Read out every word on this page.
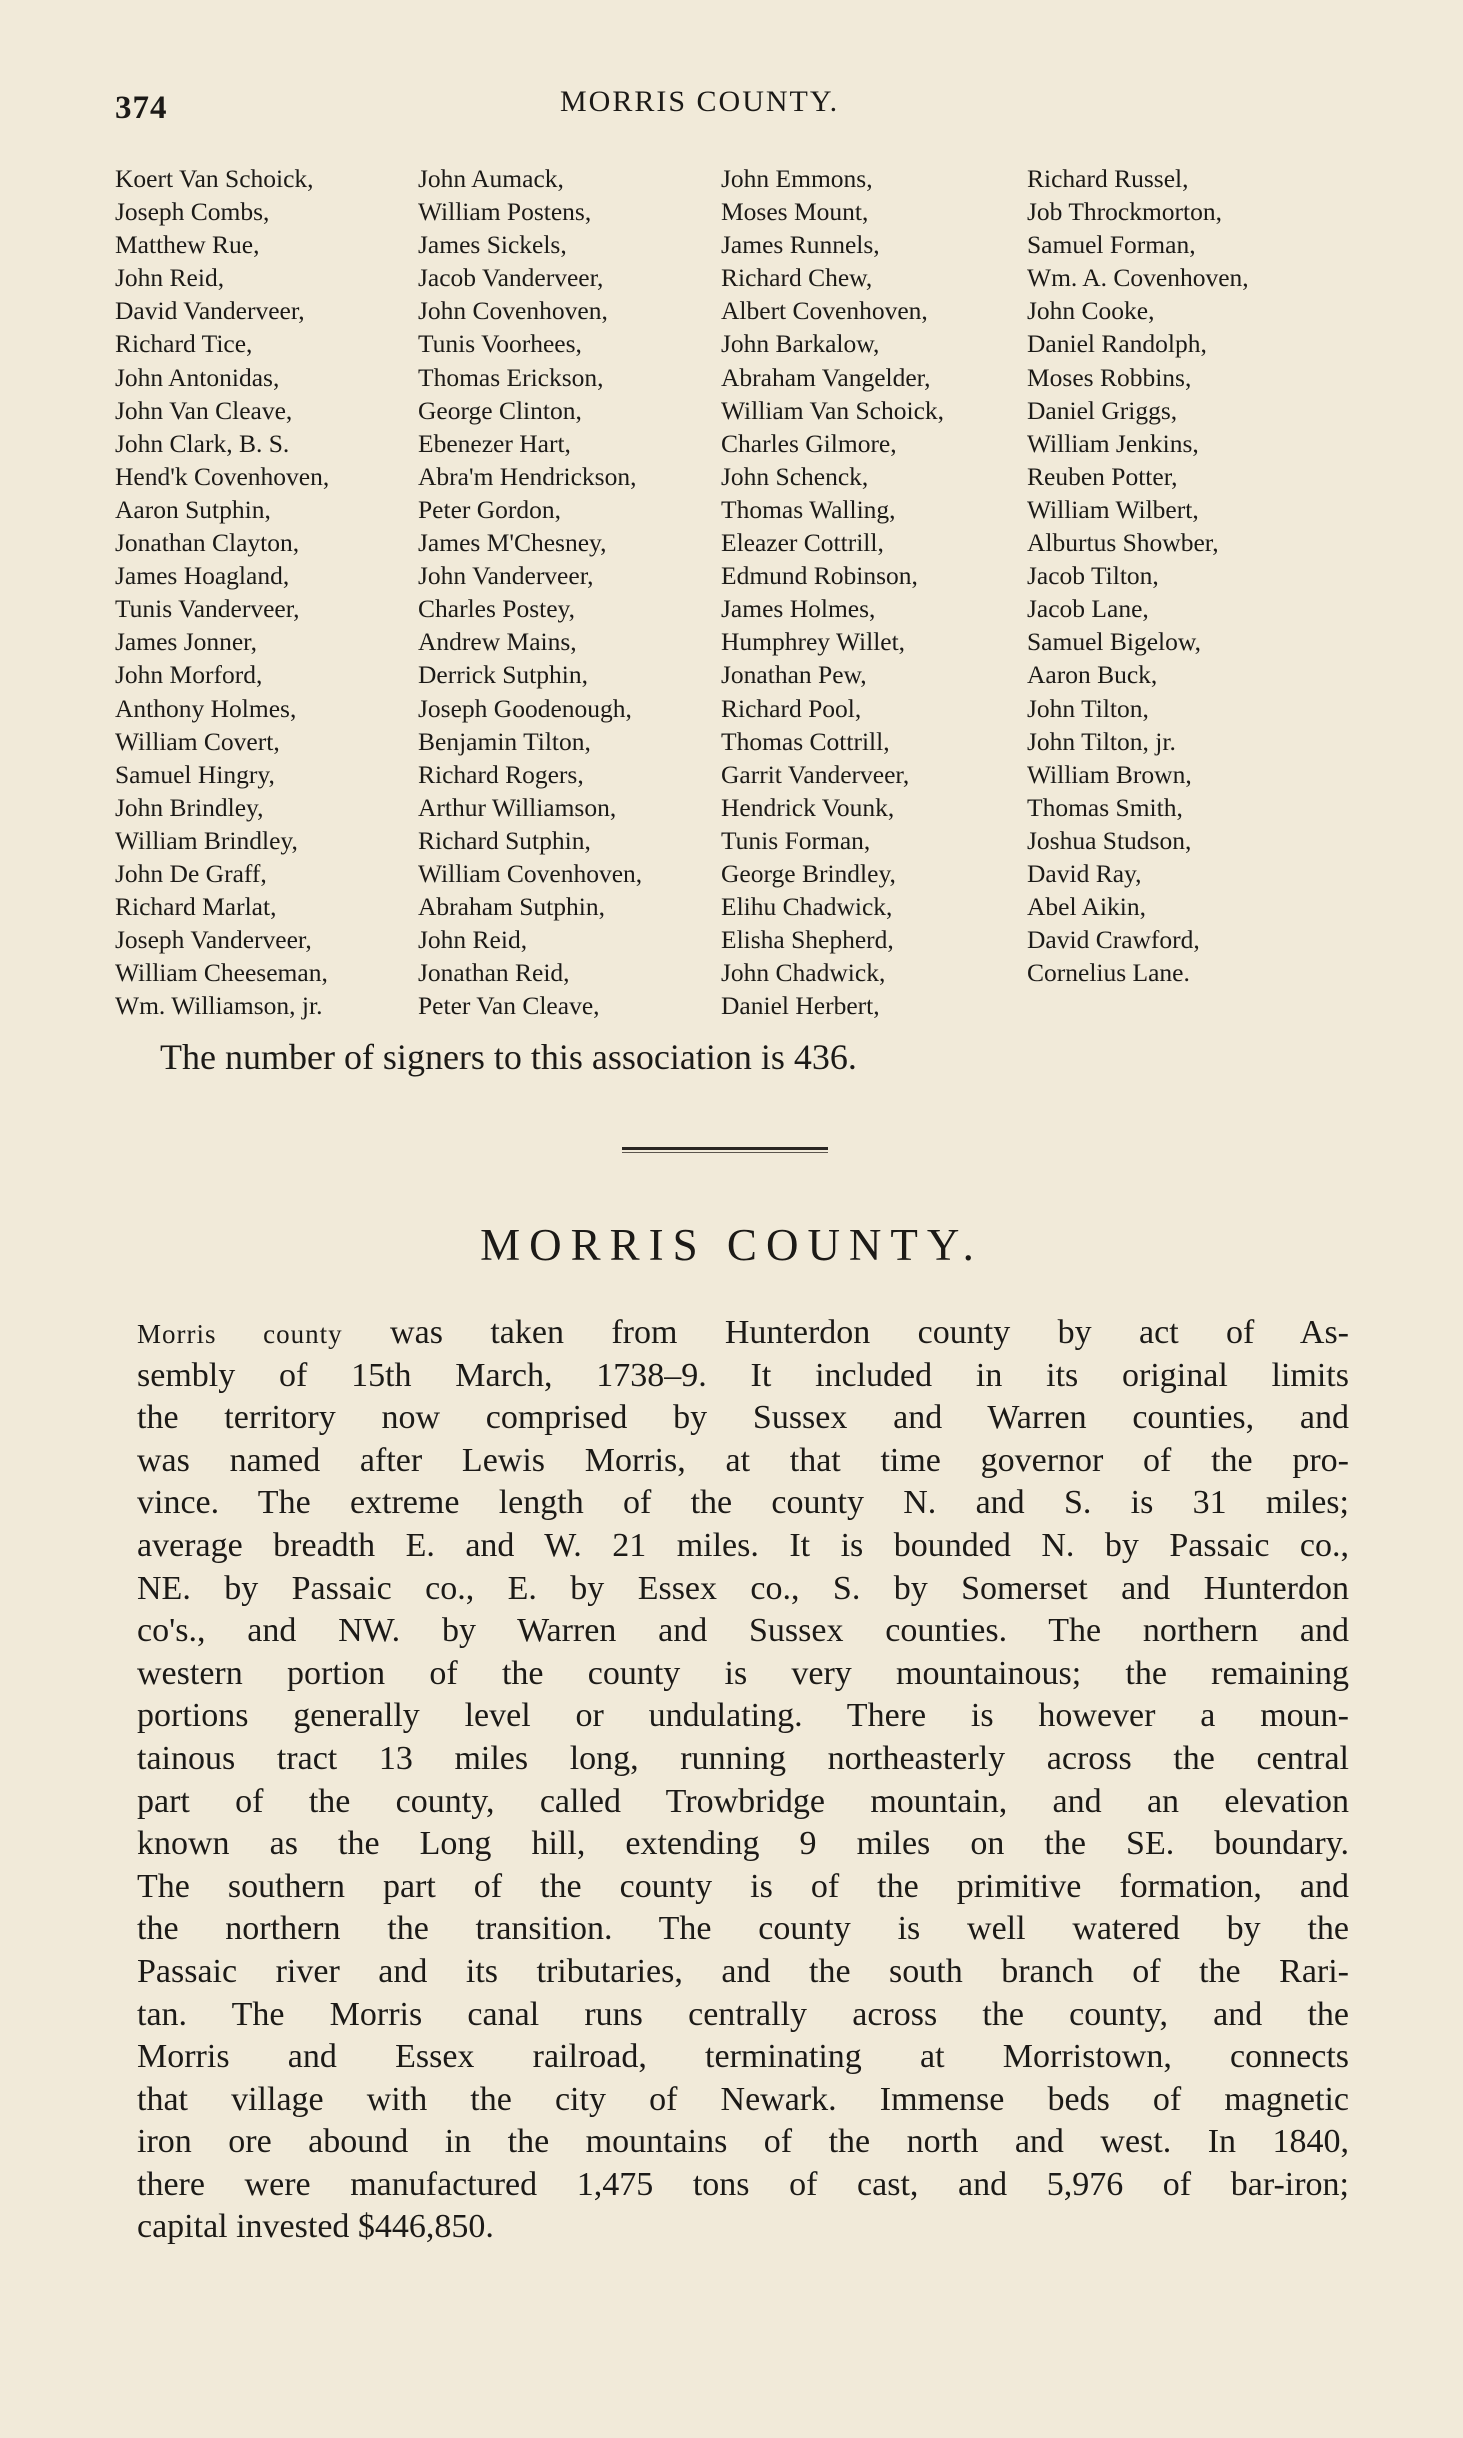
374	MORRIS COUNTY.
Koert Van Schoick,
Joseph Combs,
Matthew Rue,
John Reid,
David Vanderveer,
Richard Tice,
John Antonidas,
John Van Cleave,
John Clark, B. S.
Hend'k Covenhoven,
Aaron Sutphin,
Jonathan Clayton,
James Hoagland,
Tunis Vanderveer,
James Jonner,
John Morford,
Anthony Holmes,
William Covert,
Samuel Hingry,
John Brindley,
William Brindley,
John De Graff,
Richard Marlat,
Joseph Vanderveer,
William Cheeseman,
Wm. Williamson, jr.
John Aumack,
William Postens,
James Sickels,
Jacob Vanderveer,
John Covenhoven,
Tunis Voorhees,
Thomas Erickson,
George Clinton,
Ebenezer Hart,
Abra'm Hendrickson,
Peter Gordon,
James M'Chesney,
John Vanderveer,
Charles Postey,
Andrew Mains,
Derrick Sutphin,
Joseph Goodenough,
Benjamin Tilton,
Richard Rogers,
Arthur Williamson,
Richard Sutphin,
William Covenhoven,
Abraham Sutphin,
John Reid,
Jonathan Reid,
Peter Van Cleave,
John Emmons,
Moses Mount,
James Runnels,
Richard Chew,
Albert Covenhoven,
John Barkalow,
Abraham Vangelder,
William Van Schoick,
Charles Gilmore,
John Schenck,
Thomas Walling,
Eleazer Cottrill,
Edmund Robinson,
James Holmes,
Humphrey Willet,
Jonathan Pew,
Richard Pool,
Thomas Cottrill,
Garrit Vanderveer,
Hendrick Vounk,
Tunis Forman,
George Brindley,
Elihu Chadwick,
Elisha Shepherd,
John Chadwick,
Daniel Herbert,
Richard Russel,
Job Throckmorton,
Samuel Forman,
Wm. A. Covenhoven,
John Cooke,
Daniel Randolph,
Moses Robbins,
Daniel Griggs,
William Jenkins,
Reuben Potter,
William Wilbert,
Alburtus Showber,
Jacob Tilton,
Jacob Lane,
Samuel Bigelow,
Aaron Buck,
John Tilton,
John Tilton, jr.
William Brown,
Thomas Smith,
Joshua Studson,
David Ray,
Abel Aikin,
David Crawford,
Cornelius Lane.
The number of signers to this association is 436.
MORRIS COUNTY.
Morris county was taken from Hunterdon county by act of As-
sembly of 15th March, 1738–9. It included in its original limits
the territory now comprised by Sussex and Warren counties, and
was named after Lewis Morris, at that time governor of the pro-
vince. The extreme length of the county N. and S. is 31 miles;
average breadth E. and W. 21 miles. It is bounded N. by Passaic co.,
NE. by Passaic co., E. by Essex co., S. by Somerset and Hunterdon
co's., and NW. by Warren and Sussex counties. The northern and
western portion of the county is very mountainous; the remaining
portions generally level or undulating. There is however a moun-
tainous tract 13 miles long, running northeasterly across the central
part of the county, called Trowbridge mountain, and an elevation
known as the Long hill, extending 9 miles on the SE. boundary.
The southern part of the county is of the primitive formation, and
the northern the transition. The county is well watered by the
Passaic river and its tributaries, and the south branch of the Rari-
tan. The Morris canal runs centrally across the county, and the
Morris and Essex railroad, terminating at Morristown, connects
that village with the city of Newark. Immense beds of magnetic
iron ore abound in the mountains of the north and west. In 1840,
there were manufactured 1,475 tons of cast, and 5,976 of bar-iron;
capital invested $446,850.
